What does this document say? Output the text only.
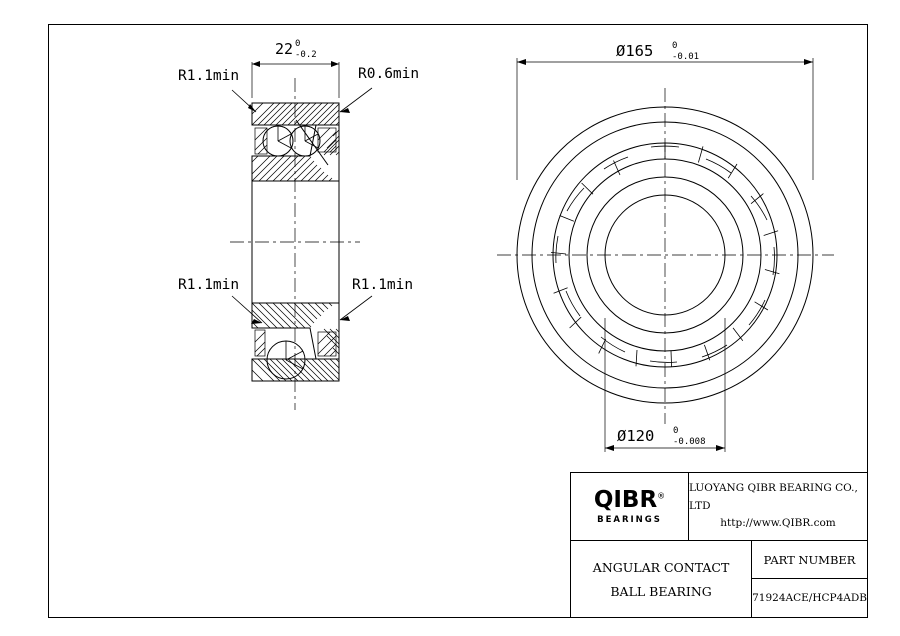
22 0
-0.2
R1.1min	R0.6min
R1.1min	R1.1min
Ø165 0
-0.01
Ø120 0
-0.008
QIBR®
BEARINGS
LUOYANG QIBR BEARING CO., LTD
http://www.QIBR.com
ANGULAR CONTACT
BALL BEARING
PART NUMBER
71924ACE/HCP4ADB
